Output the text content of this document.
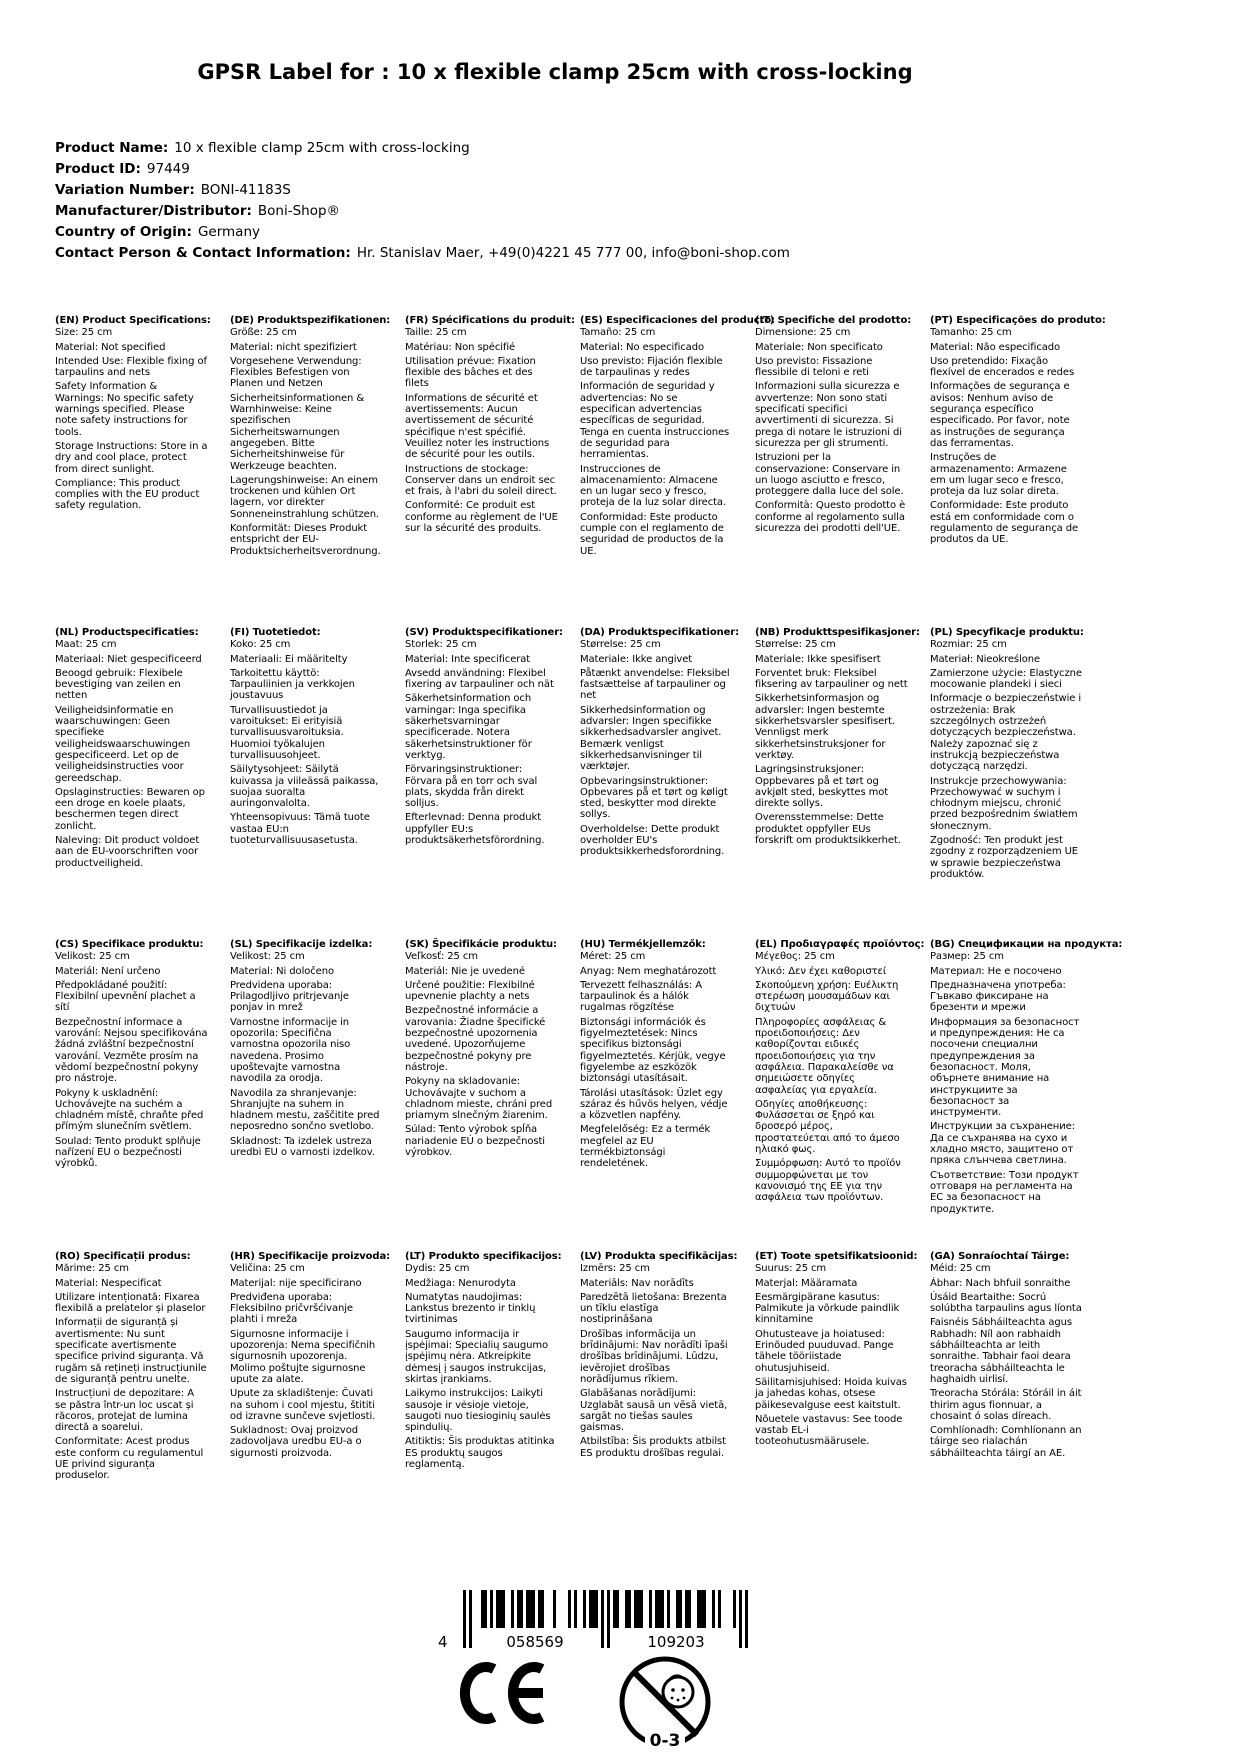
GPSR Label for : 10 x flexible clamp 25cm with cross-locking
Product Name: 10 x flexible clamp 25cm with cross-locking
Product ID: 97449
Variation Number: BONI-41183S
Manufacturer/Distributor: Boni-Shop®
Country of Origin: Germany
Contact Person & Contact Information: Hr. Stanislav Maer, +49(0)4221 45 777 00, info@boni-shop.com
(EN) Product Specifications:

Size: 25 cm

Material: Not specified

Intended Use: Flexible fixing of tarpaulins and nets

Safety Information & Warnings: No specific safety warnings specified. Please note safety instructions for tools.

Storage Instructions: Store in a dry and cool place, protect from direct sunlight.

Compliance: This product complies with the EU product safety regulation.

(DE) Produktspezifikationen:

Größe: 25 cm

Material: nicht spezifiziert

Vorgesehene Verwendung: Flexibles Befestigen von Planen und Netzen

Sicherheitsinformationen & Warnhinweise: Keine spezifischen Sicherheitswarnungen angegeben. Bitte Sicherheitshinweise für Werkzeuge beachten.

Lagerungshinweise: An einem trockenen und kühlen Ort lagern, vor direkter Sonneneinstrahlung schützen.

Konformität: Dieses Produkt entspricht der EU-Produktsicherheitsverordnung.

(FR) Spécifications du produit:

Taille: 25 cm

Matériau: Non spécifié

Utilisation prévue: Fixation flexible des bâches et des filets

Informations de sécurité et avertissements: Aucun avertissement de sécurité spécifique n'est spécifié. Veuillez noter les instructions de sécurité pour les outils.

Instructions de stockage: Conserver dans un endroit sec et frais, à l'abri du soleil direct.

Conformité: Ce produit est conforme au règlement de l'UE sur la sécurité des produits.

(ES) Especificaciones del producto:

Tamaño: 25 cm

Material: No especificado

Uso previsto: Fijación flexible de tarpaulinas y redes

Información de seguridad y advertencias: No se especifican advertencias específicas de seguridad. Tenga en cuenta instrucciones de seguridad para herramientas.

Instrucciones de almacenamiento: Almacene en un lugar seco y fresco, proteja de la luz solar directa.

Conformidad: Este producto cumple con el reglamento de seguridad de productos de la UE.

(IT) Specifiche del prodotto:

Dimensione: 25 cm

Materiale: Non specificato

Uso previsto: Fissazione flessibile di teloni e reti

Informazioni sulla sicurezza e avvertenze: Non sono stati specificati specifici avvertimenti di sicurezza. Si prega di notare le istruzioni di sicurezza per gli strumenti.

Istruzioni per la conservazione: Conservare in un luogo asciutto e fresco, proteggere dalla luce del sole.

Conformità: Questo prodotto è conforme al regolamento sulla sicurezza dei prodotti dell'UE.

(PT) Especificações do produto:

Tamanho: 25 cm

Material: Não especificado

Uso pretendido: Fixação flexível de encerados e redes

Informações de segurança e avisos: Nenhum aviso de segurança específico especificado. Por favor, note as instruções de segurança das ferramentas.

Instruções de armazenamento: Armazene em um lugar seco e fresco, proteja da luz solar direta.

Conformidade: Este produto está em conformidade com o regulamento de segurança de produtos da UE.

(NL) Productspecificaties:

Maat: 25 cm

Materiaal: Niet gespecificeerd

Beoogd gebruik: Flexibele bevestiging van zeilen en netten

Veiligheidsinformatie en waarschuwingen: Geen specifieke veiligheidswaarschuwingen gespecificeerd. Let op de veiligheidsinstructies voor gereedschap.

Opslaginstructies: Bewaren op een droge en koele plaats, beschermen tegen direct zonlicht.

Naleving: Dit product voldoet aan de EU-voorschriften voor productveiligheid.

(FI) Tuotetiedot:

Koko: 25 cm

Materiaali: Ei määritelty

Tarkoitettu käyttö: Tarpauliinien ja verkkojen joustavuus

Turvallisuustiedot ja varoitukset: Ei erityisiä turvallisuusvaroituksia. Huomioi työkalujen turvallisuusohjeet.

Säilytysohjeet: Säilytä kuivassa ja viileässä paikassa, suojaa suoralta auringonvalolta.

Yhteensopivuus: Tämä tuote vastaa EU:n tuoteturvallisuusasetusta.

(SV) Produktspecifikationer:

Storlek: 25 cm

Material: Inte specificerat

Avsedd användning: Flexibel fixering av tarpauliner och nät

Säkerhetsinformation och varningar: Inga specifika säkerhetsvarningar specificerade. Notera säkerhetsinstruktioner för verktyg.

Förvaringsinstruktioner: Förvara på en torr och sval plats, skydda från direkt solljus.

Efterlevnad: Denna produkt uppfyller EU:s produktsäkerhetsförordning.

(DA) Produktspecifikationer:

Størrelse: 25 cm

Materiale: Ikke angivet

Påtænkt anvendelse: Fleksibel fastsættelse af tarpauliner og net

Sikkerhedsinformation og advarsler: Ingen specifikke sikkerhedsadvarsler angivet. Bemærk venligst sikkerhedsanvisninger til værktøjer.

Opbevaringsinstruktioner: Opbevares på et tørt og køligt sted, beskytter mod direkte sollys.

Overholdelse: Dette produkt overholder EU's produktsikkerhedsforordning.

(NB) Produkttspesifikasjoner:

Størrelse: 25 cm

Materiale: Ikke spesifisert

Forventet bruk: Fleksibel fiksering av tarpauliner og nett

Sikkerhetsinformasjon og advarsler: Ingen bestemte sikkerhetsvarsler spesifisert. Vennligst merk sikkerhetsinstruksjoner for verktøy.

Lagringsinstruksjoner: Oppbevares på et tørt og avkjølt sted, beskyttes mot direkte sollys.

Overensstemmelse: Dette produktet oppfyller EUs forskrift om produktsikkerhet.

(PL) Specyfikacje produktu:

Rozmiar: 25 cm

Materiał: Nieokreślone

Zamierzone użycie: Elastyczne mocowanie plandeki i sieci

Informacje o bezpieczeństwie i ostrzeżenia: Brak szczególnych ostrzeżeń dotyczących bezpieczeństwa. Należy zapoznać się z instrukcją bezpieczeństwa dotyczącą narzędzi.

Instrukcje przechowywania: Przechowywać w suchym i chłodnym miejscu, chronić przed bezpośrednim światłem słonecznym.

Zgodność: Ten produkt jest zgodny z rozporządzeniem UE w sprawie bezpieczeństwa produktów.

(CS) Specifikace produktu:

Velikost: 25 cm

Materiál: Není určeno

Předpokládané použití: Flexibilní upevnění plachet a sítí

Bezpečnostní informace a varování: Nejsou specifikována žádná zvláštní bezpečnostní varování. Vezměte prosím na vědomí bezpečnostní pokyny pro nástroje.

Pokyny k uskladnění: Uchovávejte na suchém a chladném místě, chraňte před přímým slunečním světlem.

Soulad: Tento produkt splňuje nařízení EU o bezpečnosti výrobků.

(SL) Specifikacije izdelka:

Velikost: 25 cm

Material: Ni določeno

Predvidena uporaba: Prilagodljivo pritrjevanje ponjav in mrež

Varnostne informacije in opozorila: Specifična varnostna opozorila niso navedena. Prosimo upoštevajte varnostna navodila za orodja.

Navodila za shranjevanje: Shranjujte na suhem in hladnem mestu, zaščitite pred neposredno sončno svetlobo.

Skladnost: Ta izdelek ustreza uredbi EU o varnosti izdelkov.

(SK) Špecifikácie produktu:

Veľkosť: 25 cm

Materiál: Nie je uvedené

Určené použitie: Flexibilné upevnenie plachty a nets

Bezpečnostné informácie a varovania: Žiadne špecifické bezpečnostné upozornenia uvedené. Upozorňujeme bezpečnostné pokyny pre nástroje.

Pokyny na skladovanie: Uchovávajte v suchom a chladnom mieste, chráni pred priamym slnečným žiarenim.

Súlad: Tento výrobok spĺňa nariadenie EÚ o bezpečnosti výrobkov.

(HU) Termékjellemzők:

Méret: 25 cm

Anyag: Nem meghatározott

Tervezett felhasználás: A tarpaulinok és a hálók rugalmas rögzítése

Biztonsági információk és figyelmeztetések: Nincs specifikus biztonsági figyelmeztetés. Kérjük, vegye figyelembe az eszközök biztonsági utasításait.

Tárolási utasítások: Üzlet egy száraz és hűvös helyen, védje a közvetlen napfény.

Megfelelőség: Ez a termék megfelel az EU termékbiztonsági rendeletének.

(EL) Προδιαγραφές προϊόντος:

Μέγεθος: 25 cm

Υλικό: Δεν έχει καθοριστεί

Σκοπούμενη χρήση: Ευέλικτη στερέωση μουσαμάδων και διχτυών

Πληροφορίες ασφάλειας & προειδοποιήσεις: Δεν καθορίζονται ειδικές προειδοποιήσεις για την ασφάλεια. Παρακαλείσθε να σημειώσετε οδηγίες ασφαλείας για εργαλεία.

Οδηγίες αποθήκευσης: Φυλάσσεται σε ξηρό και δροσερό μέρος, προστατεύεται από το άμεσο ηλιακό φως.

Συμμόρφωση: Αυτό το προϊόν συμμορφώνεται με τον κανονισμό της ΕΕ για την ασφάλεια των προϊόντων.

(BG) Спецификации на продукта:

Размер: 25 cm

Материал: Не е посочено

Предназначена употреба: Гъвкаво фиксиране на брезенти и мрежи

Информация за безопасност и предупреждения: Не са посочени специални предупреждения за безопасност. Моля, обърнете внимание на инструкциите за безопасност за инструменти.

Инструкции за съхранение: Да се съхранява на сухо и хладно място, защитено от пряка слънчева светлина.

Съответствие: Този продукт отговаря на регламента на ЕС за безопасност на продуктите.

(RO) Specificații produs:

Mărime: 25 cm

Material: Nespecificat

Utilizare intenționată: Fixarea flexibilă a prelatelor și plaselor

Informații de siguranță și avertismente: Nu sunt specificate avertismente specifice privind siguranța. Vă rugăm să rețineți instrucțiunile de siguranță pentru unelte.

Instrucțiuni de depozitare: A se păstra într-un loc uscat și răcoros, protejat de lumina directă a soarelui.

Conformitate: Acest produs este conform cu regulamentul UE privind siguranța produselor.

(HR) Specifikacije proizvoda:

Veličina: 25 cm

Materijal: nije specificirano

Predviđena uporaba: Fleksibilno pričvršćivanje plahti i mreža

Sigurnosne informacije i upozorenja: Nema specifičnih sigurnosnih upozorenja. Molimo poštujte sigurnosne upute za alate.

Upute za skladištenje: Čuvati na suhom i cool mjestu, štititi od izravne sunčeve svjetlosti.

Sukladnost: Ovaj proizvod zadovoljava uredbu EU-a o sigurnosti proizvoda.

(LT) Produkto specifikacijos:

Dydis: 25 cm

Medžiaga: Nenurodyta

Numatytas naudojimas: Lankstus brezento ir tinklų tvirtinimas

Saugumo informacija ir įspėjimai: Specialių saugumo įspėjimų nėra. Atkreipkite dėmesį į saugos instrukcijas, skirtas įrankiams.

Laikymo instrukcijos: Laikyti sausoje ir vėsioje vietoje, saugoti nuo tiesioginių saulės spindulių.

Atitiktis: Šis produktas atitinka ES produktų saugos reglamentą.

(LV) Produkta specifikācijas:

Izmērs: 25 cm

Materiāls: Nav norādīts

Paredzētā lietošana: Brezenta un tīklu elastīga nostiprināšana

Drošības informācija un brīdinājumi: Nav norādīti īpaši drošības brīdinājumi. Lūdzu, ievērojiet drošības norādījumus rīkiem.

Glabāšanas norādījumi: Uzglabāt sausā un vēsā vietā, sargāt no tiešas saules gaismas.

Atbilstība: Šis produkts atbilst ES produktu drošības regulai.

(ET) Toote spetsifikatsioonid:

Suurus: 25 cm

Materjal: Määramata

Eesmärgipärane kasutus: Palmikute ja võrkude paindlik kinnitamine

Ohutusteave ja hoiatused: Erinõuded puuduvad. Pange tähele tööriistade ohutusjuhiseid.

Säilitamisjuhised: Hoida kuivas ja jahedas kohas, otsese päikesevalguse eest kaitstult.

Nõuetele vastavus: See toode vastab EL-i tooteohutusmäärusele.

(GA) Sonraíochtaí Táirge:

Méid: 25 cm

Ábhar: Nach bhfuil sonraithe

Úsáid Beartaithe: Socrú solúbtha tarpaulins agus líonta

Faisnéis Sábháilteachta agus Rabhadh: Níl aon rabhaidh sábháilteachta ar leith sonraithe. Tabhair faoi deara treoracha sábháilteachta le haghaidh uirlisí.

Treoracha Stórála: Stóráil in áit thirim agus fionnuar, a chosaint ó solas díreach.

Comhlíonadh: Comhlíonann an táirge seo rialachán sábháilteachta táirgí an AE.

4	058569	109203
0-3
